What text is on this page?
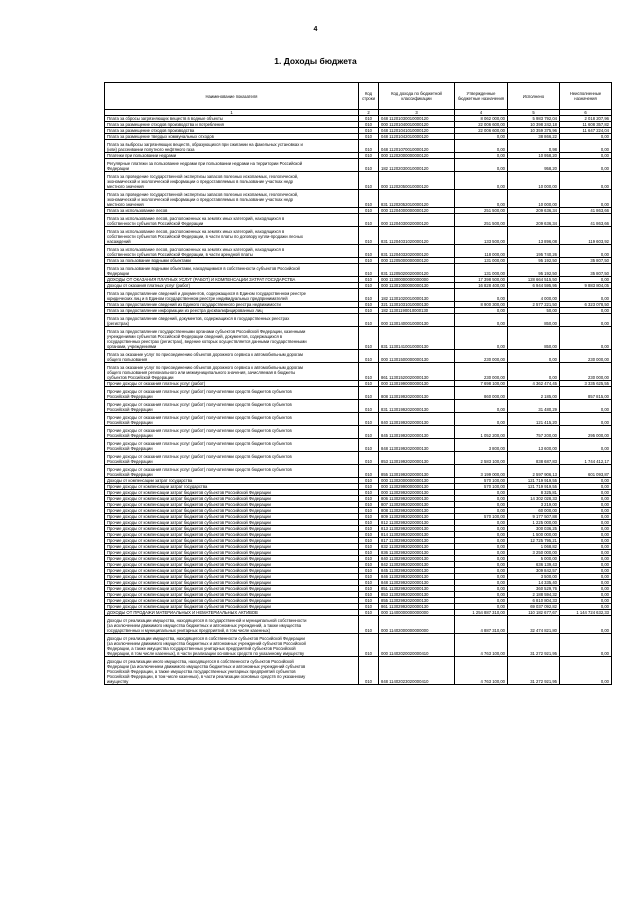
4
1. Доходы бюджета
Наименование показателя	Код строки	Код дохода по бюджетной классификации	Утвержденные бюджетные назначения	Исполнено	Неисполненные назначения
1	2	3	4	5	6

Плата за сбросы загрязняющих веществ в водные объекты	010	048 11201030010000120	8 062 000,00	5 983 792,04	2 018 207,96

Плата за размещение отходов производства и потребления	010	000 11201040010000120	22 006 600,00	10 398 242,18	11 608 357,82

Плата за размещение отходов производства	010	048 11201041010000120	22 006 600,00	10 359 375,96	11 647 224,04

Плата за размещение твердых коммунальных отходов	010	048 11201042010000120	0,00	38 866,22	0,00

Плата за выбросы загрязняющих веществ, образующихся при сжигании на факельных установках и
(или) рассеивании попутного нефтяного газа	010	048 11201070010000120	0,00	0,98	0,00

Платежи при пользовании недрами	010	000 11202000000000120	0,00	10 958,20	0,00

Регулярные платежи за пользование недрами при пользовании недрами на территории Российской
Федерации	010	182 11202030010000120	0,00	958,20	0,00

Плата за проведение государственной экспертизы запасов полезных ископаемых, геологической,
экономической и экологической информации о предоставляемых в пользование участках недр
местного значения	010	000 11202050010000120	0,00	10 000,00	0,00

Плата за проведение государственной экспертизы запасов полезных ископаемых, геологической,
экономической и экологической информации о предоставляемых в пользование участках недр
местного значения	010	831 11202052010000120	0,00	10 000,00	0,00

Плата за использование лесов	010	000 11204000000000120	251 500,00	209 636,34	41 863,66

Плата за использование лесов, расположенных на землях иных категорий, находящихся в
собственности субъектов Российской Федерации	010	000 11204030020000120	251 500,00	209 636,34	41 863,66

Плата за использование лесов, расположенных на землях иных категорий, находящихся в
собственности субъектов Российской Федерации, в части платы по договору купли-продажи лесных
насаждений	010	831 11204031020000120	133 500,00	13 896,08	119 603,92

Плата за использование лесов, расположенных на землях иных категорий, находящихся в
собственности субъектов Российской Федерации, в части арендной платы	010	831 11204032020000120	118 000,00	195 740,26	0,00

Плата за пользование водными объектами	010	000 11205000000000120	131 000,00	95 192,50	35 807,50

Плата за пользование водными объектами, находящимися в собственности субъектов Российской
Федерации	010	831 11205020020000120	131 000,00	95 192,50	35 807,50

ДОХОДЫ ОТ ОКАЗАНИЯ ПЛАТНЫХ УСЛУГ (РАБОТ) И КОМПЕНСАЦИИ ЗАТРАТ ГОСУДАРСТВА	010	000 11300000000000000	17 398 500,00	128 664 515,50	0,00

Доходы от оказания платных услуг (работ)	010	000 11301000000000130	16 828 400,00	6 944 595,95	9 883 804,05

Плата за предоставление сведений и документов, содержащихся в Едином государственном реестре
юридических лиц и в Едином государственном реестре индивидуальных предпринимателей	010	182 11301020010000130	0,00	4 000,00	0,00

Плата за предоставление сведений из Единого государственного реестра недвижимости	010	321 11301031010000130	8 900 300,00	2 577 221,50	6 323 078,50

Плата за предоставление информации из реестра дисквалифицированных лиц	010	182 11301190010000130	0,00	50,00	0,00

Плата за предоставление сведений, документов, содержащихся в государственных реестрах
(регистрах)	010	000 11301400010000130	0,00	850,00	0,00

Плата за предоставление государственными органами субъектов Российской Федерации, казенными
учреждениями субъектов Российской Федерации сведений, документов, содержащихся в
государственных реестрах (регистрах), ведение которых осуществляется данными государственными
органами, учреждениями	010	831 11301410010000130	0,00	850,00	0,00

Плата за оказание услуг по присоединению объектов дорожного сервиса к автомобильным дорогам
общего пользования	010	000 11301500000000130	230 000,00	0,00	230 000,00

Плата за оказание услуг по присоединению объектов дорожного сервиса к автомобильным дорогам
общего пользования регионального или межмуниципального значения, зачисляемая в бюджеты
субъектов Российской Федерации	010	861 11301520020000130	230 000,00	0,00	230 000,00

Прочие доходы от оказания платных услуг (работ)	010	000 11301990000000130	7 698 100,00	4 362 474,45	3 335 625,55

Прочие доходы от оказания платных услуг (работ) получателями средств бюджетов субъектов
Российской Федерации	010	808 11301992020000130	860 000,00	2 185,00	857 815,00

Прочие доходы от оказания платных услуг (работ) получателями средств бюджетов субъектов
Российской Федерации	010	831 11301992020000130	0,00	31 480,29	0,00

Прочие доходы от оказания платных услуг (работ) получателями средств бюджетов субъектов
Российской Федерации	010	840 11301992020000130	0,00	121 415,20	0,00

Прочие доходы от оказания платных услуг (работ) получателями средств бюджетов субъектов
Российской Федерации	010	845 11301992020000130	1 052 200,00	757 200,00	295 000,00

Прочие доходы от оказания платных услуг (работ) получателями средств бюджетов субъектов
Российской Федерации	010	848 11301992020000130	3 800,00	13 600,00	0,00

Прочие доходы от оказания платных услуг (работ) получателями средств бюджетов субъектов
Российской Федерации	010	853 11301992020000130	2 583 100,00	838 687,83	1 744 412,17

Прочие доходы от оказания платных услуг (работ) получателями средств бюджетов субъектов
Российской Федерации	010	855 11301992020000130	3 199 000,00	2 597 906,13	601 093,87

Доходы от компенсации затрат государства	010	000 11302000000000130	570 100,00	121 719 919,55	0,00

Прочие доходы от компенсации затрат государства	010	000 11302990000000130	570 100,00	121 719 919,55	0,00

Прочие доходы от компенсации затрат бюджетов субъектов Российской Федерации	010	000 11302992020000130	0,00	8 325,81	0,00

Прочие доходы от компенсации затрат бюджетов субъектов Российской Федерации	010	806 11302992020000130	0,00	14 302 028,33	0,00

Прочие доходы от компенсации затрат бюджетов субъектов Российской Федерации	010	807 11302992020000130	0,00	3 219,00	0,00

Прочие доходы от компенсации затрат бюджетов субъектов Российской Федерации	010	808 11302992020000130	0,00	60 000,00	0,00

Прочие доходы от компенсации затрат бюджетов субъектов Российской Федерации	010	809 11302992020000130	570 100,00	9 177 507,88	0,00

Прочие доходы от компенсации затрат бюджетов субъектов Российской Федерации	010	812 11302992020000130	0,00	1 225 000,00	0,00

Прочие доходы от компенсации затрат бюджетов субъектов Российской Федерации	010	813 11302992020000130	0,00	300 036,25	0,00

Прочие доходы от компенсации затрат бюджетов субъектов Российской Федерации	010	814 11302992020000130	0,00	1 500 000,00	0,00

Прочие доходы от компенсации затрат бюджетов субъектов Российской Федерации	010	817 11302992020000130	0,00	12 725 795,21	0,00

Прочие доходы от компенсации затрат бюджетов субъектов Российской Федерации	010	832 11302992020000130	0,00	1 068,82	0,00

Прочие доходы от компенсации затрат бюджетов субъектов Российской Федерации	010	836 11302992020000130	0,00	3 250 000,00	0,00

Прочие доходы от компенсации затрат бюджетов субъектов Российской Федерации	010	840 11302992020000130	0,00	5 000,00	0,00

Прочие доходы от компенсации затрат бюджетов субъектов Российской Федерации	010	842 11302992020000130	0,00	636 139,43	0,00

Прочие доходы от компенсации затрат бюджетов субъектов Российской Федерации	010	845 11302992020000130	0,00	309 842,57	0,00

Прочие доходы от компенсации затрат бюджетов субъектов Российской Федерации	010	846 11302992020000130	0,00	3 500,00	0,00

Прочие доходы от компенсации затрат бюджетов субъектов Российской Федерации	010	848 11302992020000130	0,00	14 335,40	0,00

Прочие доходы от компенсации затрат бюджетов субъектов Российской Федерации	010	851 11302992020000130	0,00	360 529,76	0,00

Прочие доходы от компенсации затрат бюджетов субъектов Российской Федерации	010	853 11302992020000130	0,00	2 188 594,32	0,00

Прочие доходы от компенсации затрат бюджетов субъектов Российской Федерации	010	855 11302992020000130	0,00	6 810 804,33	0,00

Прочие доходы от компенсации затрат бюджетов субъектов Российской Федерации	010	861 11302992020000130	0,00	69 037 092,82	0,00

ДОХОДЫ ОТ ПРОДАЖИ МАТЕРИАЛЬНЫХ И НЕМАТЕРИАЛЬНЫХ АКТИВОВ	010	000 11400000000000000	1 254 887 310,00	110 182 677,67	1 144 724 632,33

Доходы от реализации имущества, находящегося в государственной и муниципальной собственности
(за исключением движимого имущества бюджетных и автономных учреждений, а также имущества
государственных и муниципальных унитарных предприятий, в том числе казенных)	010	000 11402000000000000	4 887 310,00	32 474 821,80	0,00

Доходы от реализации имущества, находящегося в собственности субъектов Российской Федерации
(за исключением движимого имущества бюджетных и автономных учреждений субъектов Российской
Федерации, а также имущества государственных унитарных предприятий субъектов Российской
Федерации, в том числе казенных), в части реализации основных средств по указанному имуществу	010	000 11402020020000410	4 763 100,00	31 272 921,95	0,00

Доходы от реализации иного имущества, находящегося в собственности субъектов Российской
Федерации (за исключением движимого имущества бюджетных и автономных учреждений субъектов
Российской Федерации, а также имущества государственных унитарных предприятий субъектов
Российской Федерации, в том числе казенных), в части реализации основных средств по указанному
имуществу	010	848 11402023020000410	4 763 100,00	31 272 921,95	0,00
